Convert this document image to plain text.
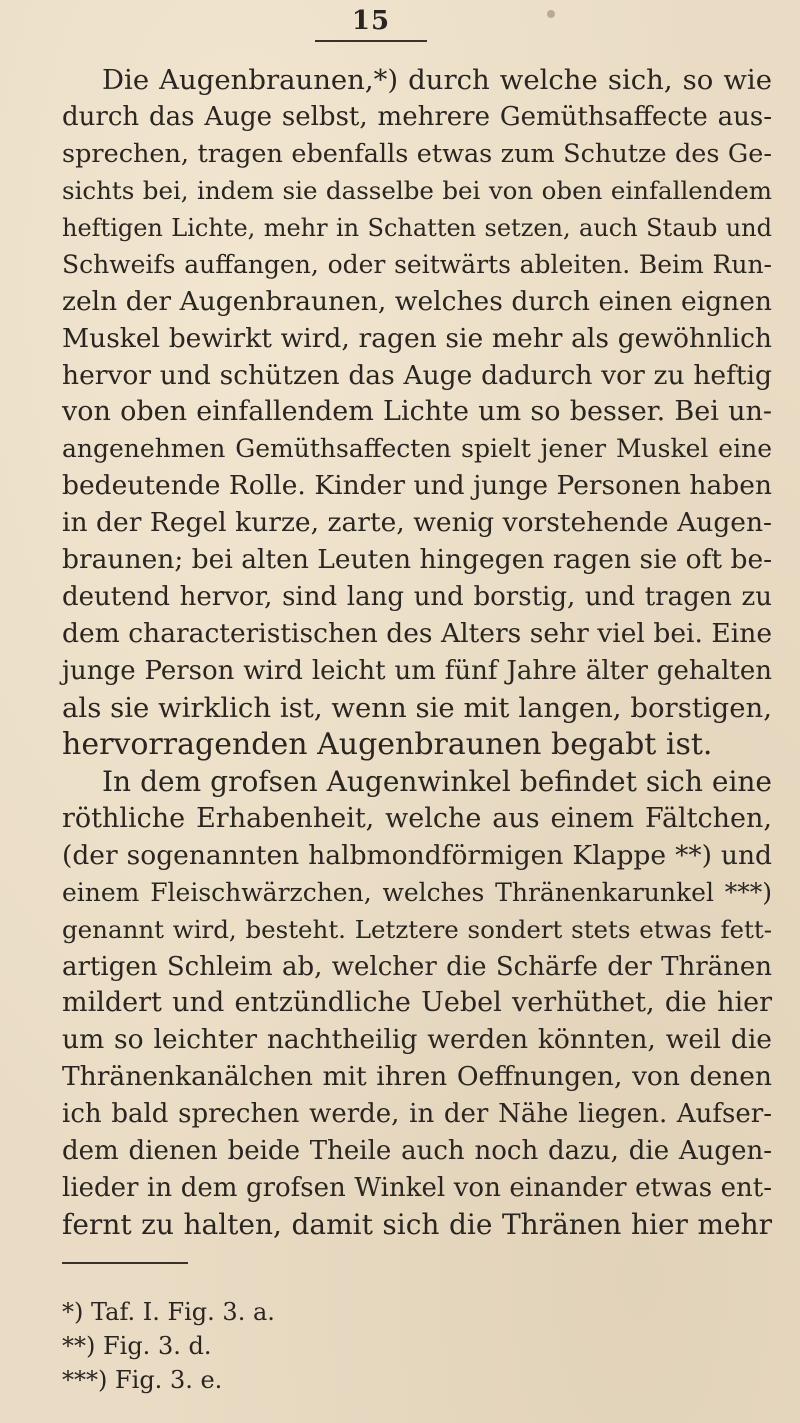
15
Die Augenbraunen,*) durch welche sich, so wie
durch das Auge selbst, mehrere Gemüthsaffecte aus-
sprechen, tragen ebenfalls etwas zum Schutze des Ge-
sichts bei, indem sie dasselbe bei von oben einfallendem
heftigen Lichte, mehr in Schatten setzen, auch Staub und
Schweifs auffangen, oder seitwärts ableiten. Beim Run-
zeln der Augenbraunen, welches durch einen eignen
Muskel bewirkt wird, ragen sie mehr als gewöhnlich
hervor und schützen das Auge dadurch vor zu heftig
von oben einfallendem Lichte um so besser. Bei un-
angenehmen Gemüthsaffecten spielt jener Muskel eine
bedeutende Rolle. Kinder und junge Personen haben
in der Regel kurze, zarte, wenig vorstehende Augen-
braunen; bei alten Leuten hingegen ragen sie oft be-
deutend hervor, sind lang und borstig, und tragen zu
dem characteristischen des Alters sehr viel bei. Eine
junge Person wird leicht um fünf Jahre älter gehalten
als sie wirklich ist, wenn sie mit langen, borstigen,
hervorragenden Augenbraunen begabt ist.
In dem grofsen Augenwinkel befindet sich eine
röthliche Erhabenheit, welche aus einem Fältchen,
(der sogenannten halbmondförmigen Klappe **) und
einem Fleischwärzchen, welches Thränenkarunkel ***)
genannt wird, besteht. Letztere sondert stets etwas fett-
artigen Schleim ab, welcher die Schärfe der Thränen
mildert und entzündliche Uebel verhüthet, die hier
um so leichter nachtheilig werden könnten, weil die
Thränenkanälchen mit ihren Oeffnungen, von denen
ich bald sprechen werde, in der Nähe liegen. Aufser-
dem dienen beide Theile auch noch dazu, die Augen-
lieder in dem grofsen Winkel von einander etwas ent-
fernt zu halten, damit sich die Thränen hier mehr
*) Taf. I. Fig. 3. a.
**) Fig. 3. d.
***) Fig. 3. e.
